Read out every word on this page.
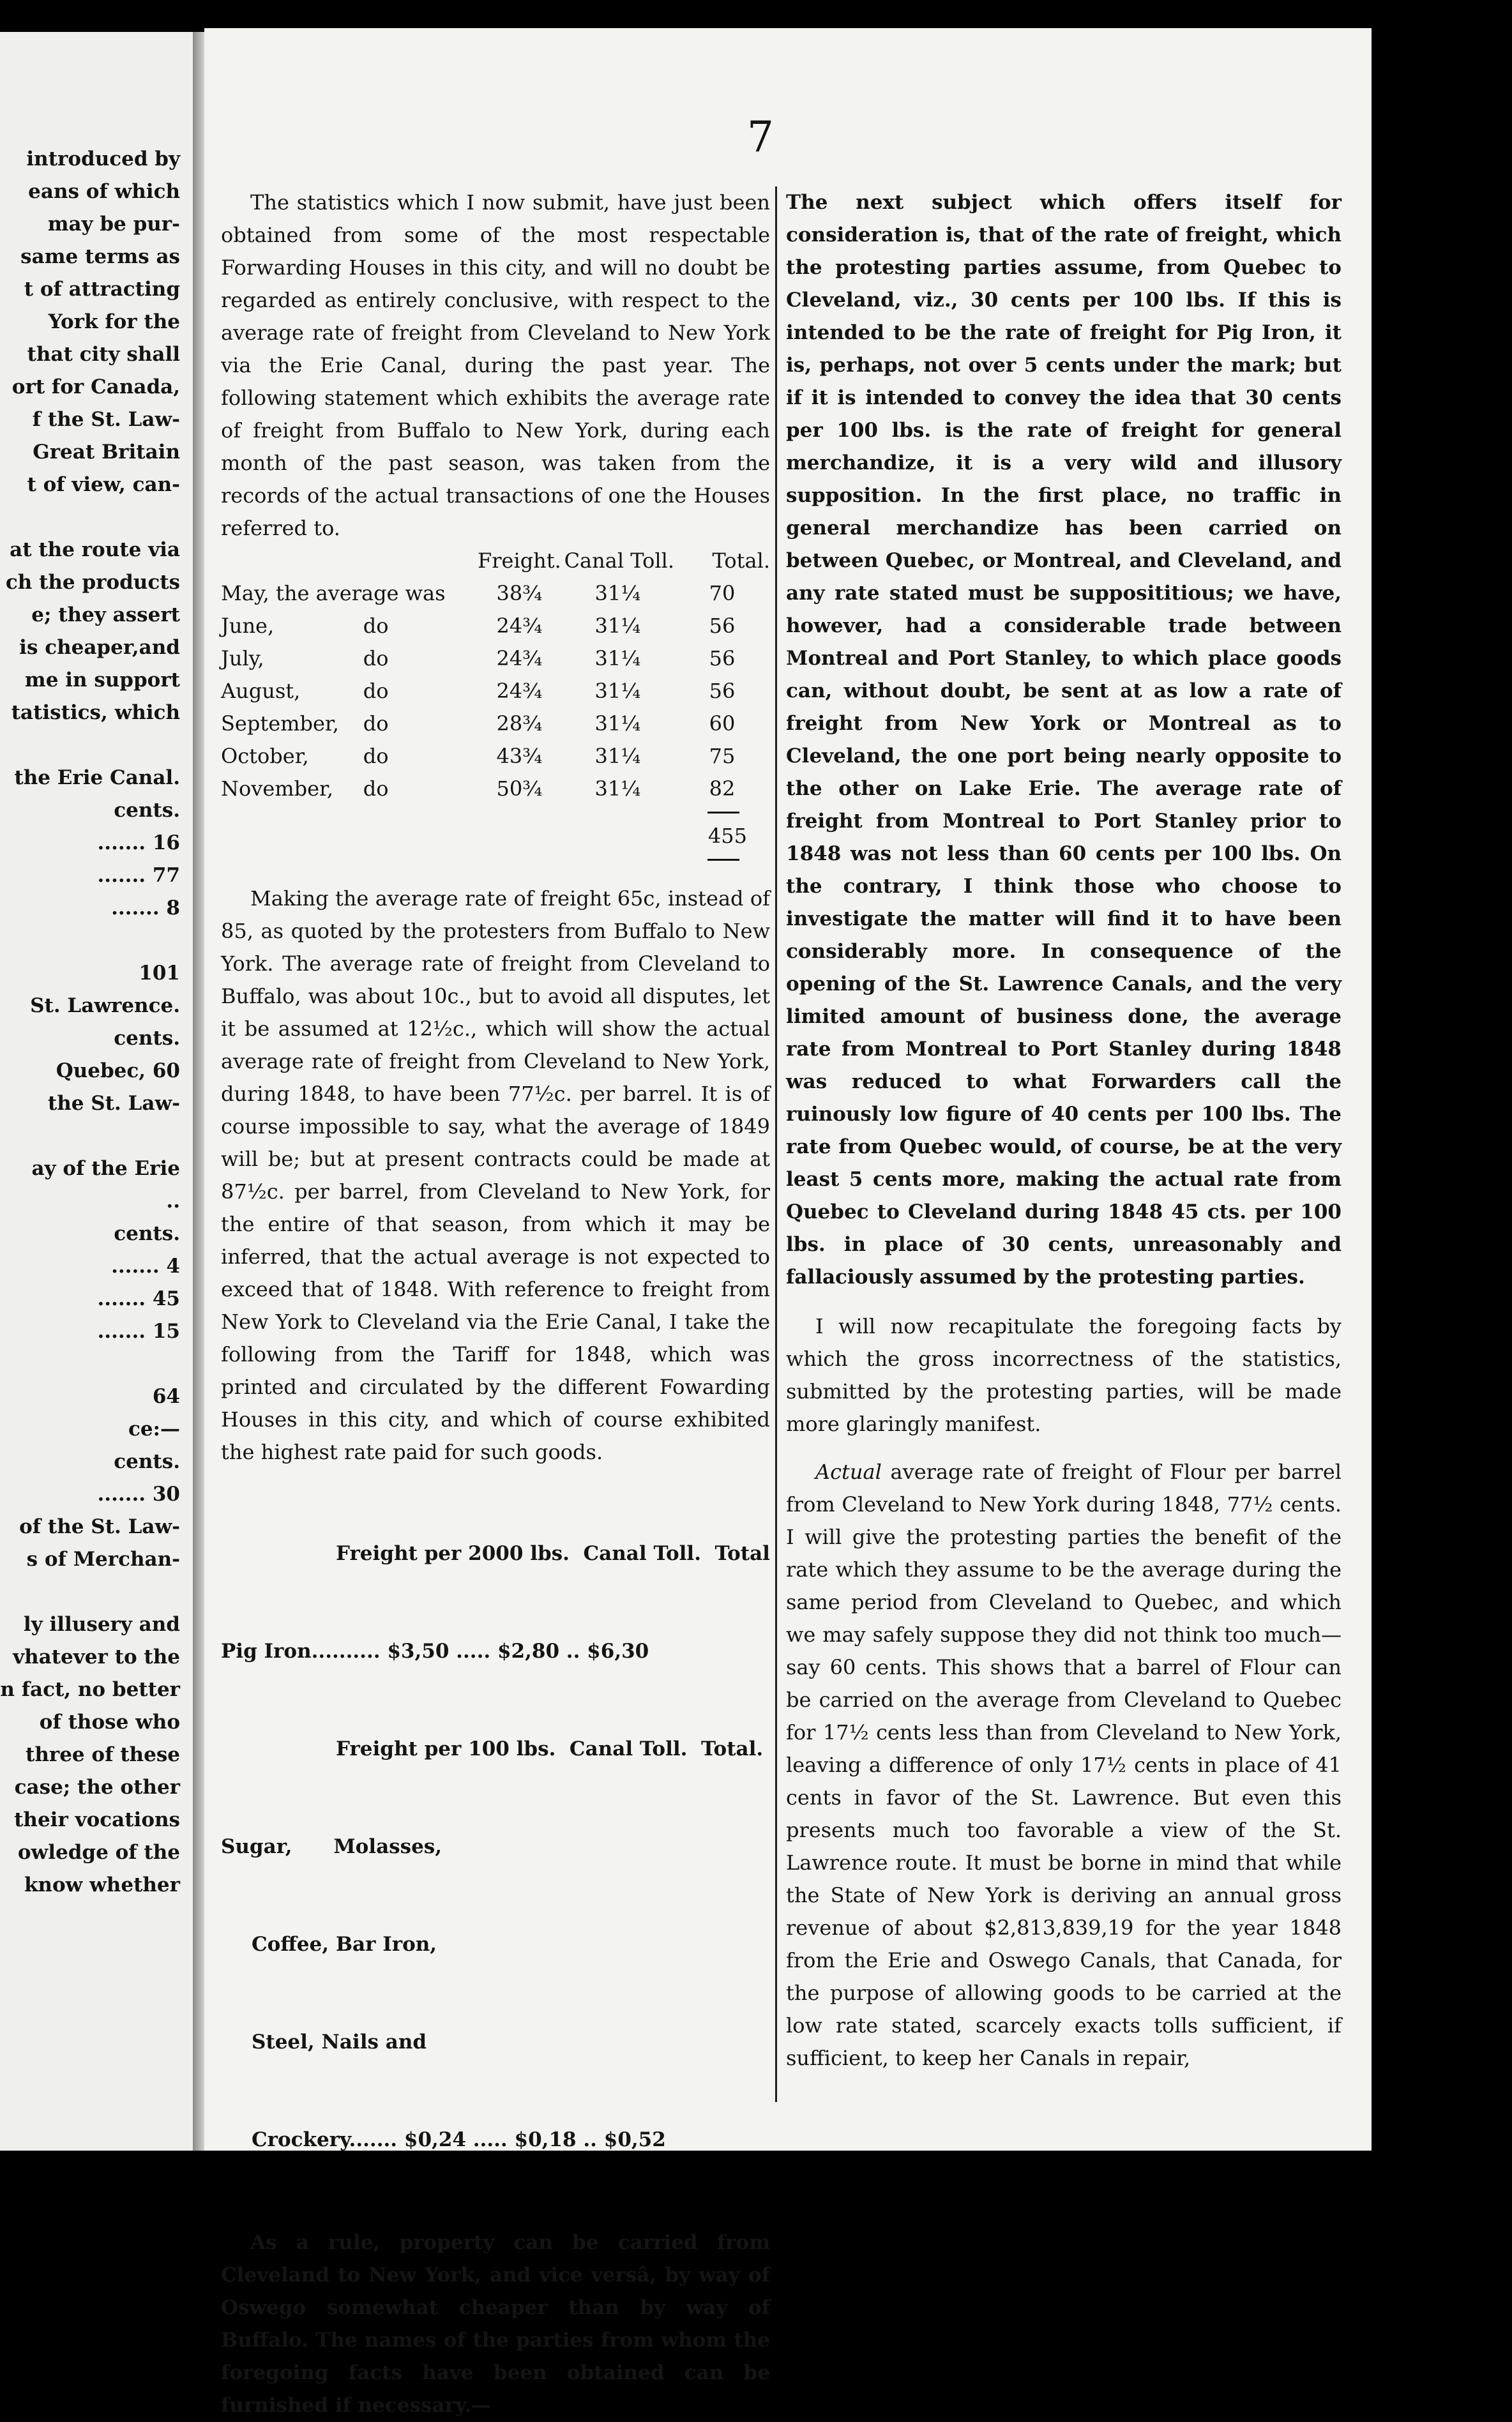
introduced by
eans of which
may be pur-
same terms as
t of attracting
York for the
that city shall
ort for Canada,
f the St. Law-
Great Britain
t of view, can-
at the route via
ch the products
e; they assert
is cheaper,and
me in support
tatistics, which
the Erie Canal.
cents.
....... 16
....... 77
....... 8
101
St. Lawrence.
cents.
Quebec, 60
the St. Law-
ay of the Erie
..
cents.
....... 4
....... 45
....... 15
64
ce:—
cents.
....... 30
of the St. Law-
s of Merchan-
ly illusery and
vhatever to the
n fact, no better
of those who
three of these
case; the other
their vocations
owledge of the
know whether
7

The statistics which I now submit, have just been obtained from some of the most respectable Forwarding Houses in this city, and will no doubt be regarded as entirely conclusive, with respect to the average rate of freight from Cleveland to New York via the Erie Canal, during the past year. The following statement which exhibits the average rate of freight from Buffalo to New York, during each month of the past season, was taken from the records of the actual transactions of one the Houses referred to.

		Freight.	Canal Toll.	Total.
May, the average was		38¾	31¼	70
June,	do	24¾	31¼	56
July,	do	24¾	31¼	56
August,	do	24¾	31¼	56
September,	do	28¾	31¼	60
October,	do	43¾	31¼	75
November,	do	50¾	31¼	82
455

Making the average rate of freight 65c, instead of 85, as quoted by the protesters from Buffalo to New York. The average rate of freight from Cleveland to Buffalo, was about 10c., but to avoid all disputes, let it be assumed at 12½c., which will show the actual average rate of freight from Cleveland to New York, during 1848, to have been 77½c. per barrel. It is of course impossible to say, what the average of 1849 will be; but at present contracts could be made at 87½c. per barrel, from Cleveland to New York, for the entire of that season, from which it may be inferred, that the actual average is not expected to exceed that of 1848. With reference to freight from New York to Cleveland via the Erie Canal, I take the following from the Tariff for 1848, which was printed and circulated by the different Fowarding Houses in this city, and which of course exhibited the highest rate paid for such goods.

Freight per 2000 lbs.  Canal Toll.  Total

Pig Iron.......... $3,50 ..... $2,80 .. $6,30

Freight per 100 lbs.  Canal Toll.  Total.

Sugar,      Molasses,

Coffee, Bar Iron,

Steel, Nails and

Crockery....... $0,24 ..... $0,18 .. $0,52

As a rule, property can be carried from Cleveland to New York, and vice versâ, by way of Oswego somewhat cheaper than by way of Buffalo. The names of the parties from whom the foregoing facts have been obtained can be furnished if necessary.—

The next subject which offers itself for consideration is, that of the rate of freight, which the protesting parties assume, from Quebec to Cleveland, viz., 30 cents per 100 lbs. If this is intended to be the rate of freight for Pig Iron, it is, perhaps, not over 5 cents under the mark; but if it is intended to convey the idea that 30 cents per 100 lbs. is the rate of freight for general merchandize, it is a very wild and illusory supposition. In the first place, no traffic in general merchandize has been carried on between Quebec, or Montreal, and Cleveland, and any rate stated must be supposititious; we have, however, had a considerable trade between Montreal and Port Stanley, to which place goods can, without doubt, be sent at as low a rate of freight from New York or Montreal as to Cleveland, the one port being nearly opposite to the other on Lake Erie. The average rate of freight from Montreal to Port Stanley prior to 1848 was not less than 60 cents per 100 lbs. On the contrary, I think those who choose to investigate the matter will find it to have been considerably more. In consequence of the opening of the St. Lawrence Canals, and the very limited amount of business done, the average rate from Montreal to Port Stanley during 1848 was reduced to what Forwarders call the ruinously low figure of 40 cents per 100 lbs. The rate from Quebec would, of course, be at the very least 5 cents more, making the actual rate from Quebec to Cleveland during 1848 45 cts. per 100 lbs. in place of 30 cents, unreasonably and fallaciously assumed by the protesting parties.

I will now recapitulate the foregoing facts by which the gross incorrectness of the statistics, submitted by the protesting parties, will be made more glaringly manifest.

Actual average rate of freight of Flour per barrel from Cleveland to New York during 1848, 77½ cents. I will give the protesting parties the benefit of the rate which they assume to be the average during the same period from Cleveland to Quebec, and which we may safely suppose they did not think too much—say 60 cents. This shows that a barrel of Flour can be carried on the average from Cleveland to Quebec for 17½ cents less than from Cleveland to New York, leaving a difference of only 17½ cents in place of 41 cents in favor of the St. Lawrence. But even this presents much too favorable a view of the St. Lawrence route. It must be borne in mind that while the State of New York is deriving an annual gross revenue of about $2,813,839,19 for the year 1848 from the Erie and Oswego Canals, that Canada, for the purpose of allowing goods to be carried at the low rate stated, scarcely exacts tolls sufficient, if sufficient, to keep her Canals in repair,
